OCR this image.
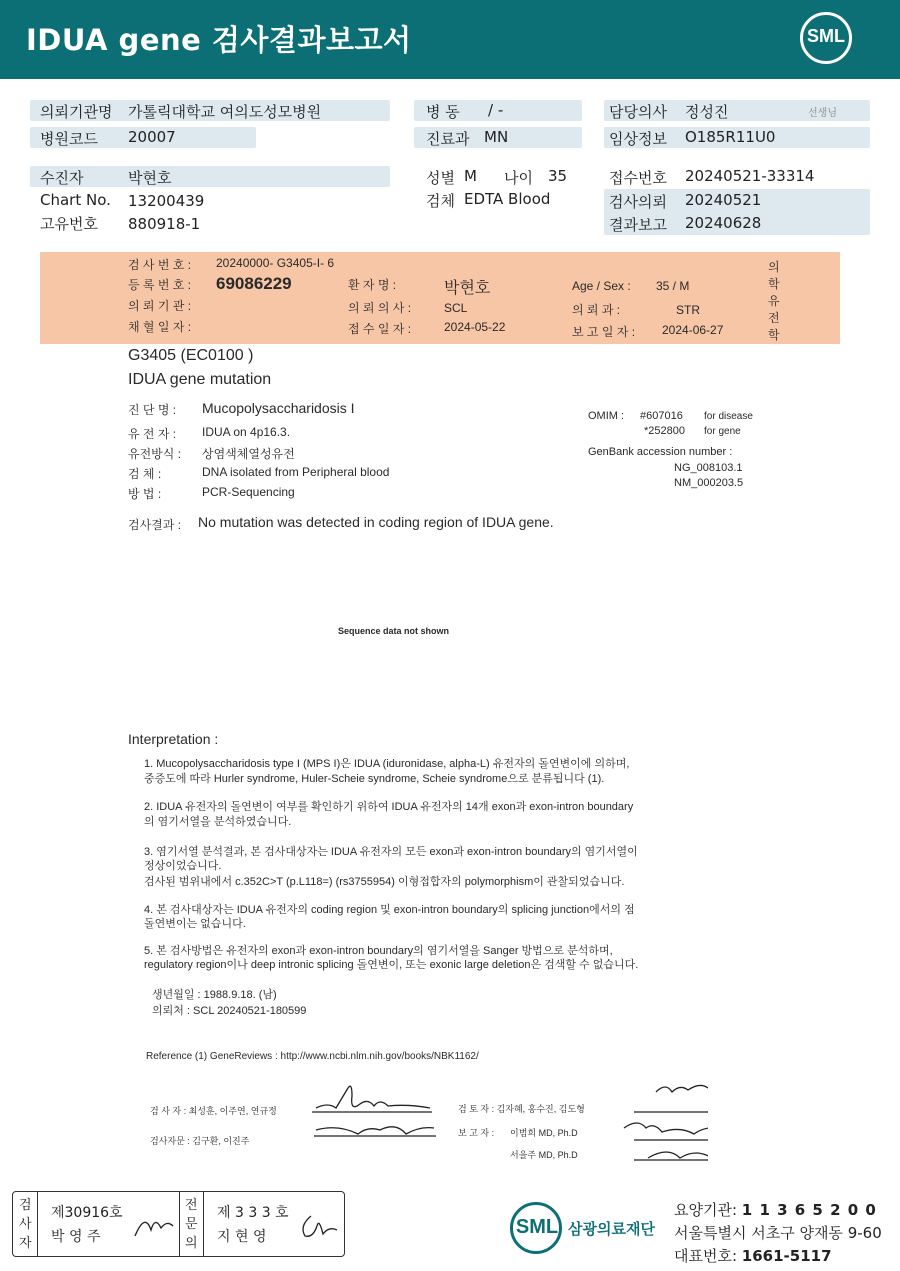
IDUA gene 검사결과보고서	SML
의뢰기관명 가톨릭대학교 여의도성모병원
병원코드 20007
병 동 / -
진료과 MN
담당의사 정성진	선생님
임상정보 O185R11U0
수진자	박현호
Chart No. 13200439
고유번호 880918-1
성별 M 나이 35
검체 EDTA Blood
접수번호 20240521-33314
검사의뢰 20240521
결과보고 20240628
검 사 번 호 : 20240000- G3405-I- 6
등 록 번 호 : 69086229	환 자 명 :	박현호	Age / Sex : 35 / M
의 뢰 기 관 :	의 뢰 의 사 :	SCL	의 뢰 과 :	STR
채 혈 일 자 :	접 수 일 자 :	2024-05-22	보 고 일 자 : 2024-06-27
의
학
유
전
학
G3405 (EC0100 )
IDUA gene mutation
진 단 명 : Mucopolysaccharidosis I
유 전 자 : IDUA on 4p16.3.
유전방식 : 상염색체열성유전
검 체 :	DNA isolated from Peripheral blood
방 법 :	PCR-Sequencing
OMIM : #607016 for disease
*252800 for gene
GenBank accession number :
NG_008103.1
NM_000203.5
검사결과 : No mutation was detected in coding region of IDUA gene.
Sequence data not shown
Interpretation :
1. Mucopolysaccharidosis type I (MPS I)은 IDUA (iduronidase, alpha-L) 유전자의 돌연변이에 의하며,
중증도에 따라 Hurler syndrome, Huler-Scheie syndrome, Scheie syndrome으로 분류됩니다 (1).
2. IDUA 유전자의 돌연변이 여부를 확인하기 위하여 IDUA 유전자의 14개 exon과 exon-intron boundary
의 염기서열을 분석하였습니다.
3. 염기서열 분석결과, 본 검사대상자는 IDUA 유전자의 모든 exon과 exon-intron boundary의 염기서열이
정상이었습니다.
검사된 범위내에서 c.352C>T (p.L118=) (rs3755954) 이형접합자의 polymorphism이 관찰되었습니다.
4. 본 검사대상자는 IDUA 유전자의 coding region 및 exon-intron boundary의 splicing junction에서의 점
돌연변이는 없습니다.
5. 본 검사방법은 유전자의 exon과 exon-intron boundary의 염기서열을 Sanger 방법으로 분석하며,
regulatory region이나 deep intronic splicing 돌연변이, 또는 exonic large deletion은 검색할 수 없습니다.
생년월일 : 1988.9.18. (남)
의뢰처 : SCL 20240521-180599
Reference (1) GeneReviews : http://www.ncbi.nlm.nih.gov/books/NBK1162/
검 사 자 : 최성훈, 이주연, 연규정
검사자문 : 김구환, 이진주
검 토 자 : 김자혜, 홍수진, 김도형
보 고 자 : 이범희 MD, Ph.D
서을주 MD, Ph.D
검
사
자
제30916호
박 영 주
전
문
의
제 3 3 3 호
지 현 영	SML 삼광의료재단
요양기관: 1 1 3 6 5 2 0 0
서울특별시 서초구 양재동 9-60
대표번호: 1661-5117
